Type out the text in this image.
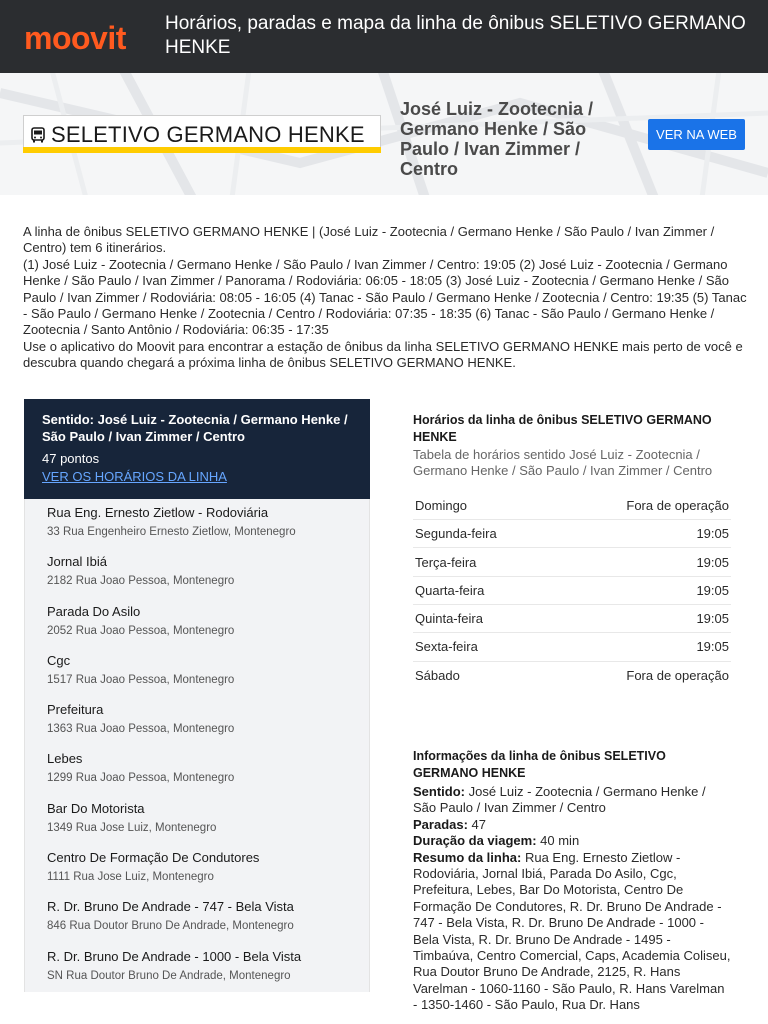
moovit Horários, paradas e mapa da linha de ônibus SELETIVO GERMANO HENKE
SELETIVO GERMANO HENKE
José Luiz - Zootecnia / Germano Henke / São Paulo / Ivan Zimmer / Centro
VER NA WEB
A linha de ônibus SELETIVO GERMANO HENKE | (José Luiz - Zootecnia / Germano Henke / São Paulo / Ivan Zimmer / Centro) tem 6 itinerários.
(1) José Luiz - Zootecnia / Germano Henke / São Paulo / Ivan Zimmer / Centro: 19:05 (2) José Luiz - Zootecnia / Germano Henke / São Paulo / Ivan Zimmer / Panorama / Rodoviária: 06:05 - 18:05 (3) José Luiz - Zootecnia / Germano Henke / São Paulo / Ivan Zimmer / Rodoviária: 08:05 - 16:05 (4) Tanac - São Paulo / Germano Henke / Zootecnia / Centro: 19:35 (5) Tanac - São Paulo / Germano Henke / Zootecnia / Centro / Rodoviária: 07:35 - 18:35 (6) Tanac - São Paulo / Germano Henke / Zootecnia / Santo Antônio / Rodoviária: 06:35 - 17:35
Use o aplicativo do Moovit para encontrar a estação de ônibus da linha SELETIVO GERMANO HENKE mais perto de você e descubra quando chegará a próxima linha de ônibus SELETIVO GERMANO HENKE.
Sentido: José Luiz - Zootecnia / Germano Henke / São Paulo / Ivan Zimmer / Centro
47 pontos
VER OS HORÁRIOS DA LINHA
Rua Eng. Ernesto Zietlow - Rodoviária
33 Rua Engenheiro Ernesto Zietlow, Montenegro
Jornal Ibiá
2182 Rua Joao Pessoa, Montenegro
Parada Do Asilo
2052 Rua Joao Pessoa, Montenegro
Cgc
1517 Rua Joao Pessoa, Montenegro
Prefeitura
1363 Rua Joao Pessoa, Montenegro
Lebes
1299 Rua Joao Pessoa, Montenegro
Bar Do Motorista
1349 Rua Jose Luiz, Montenegro
Centro De Formação De Condutores
1111 Rua Jose Luiz, Montenegro
R. Dr. Bruno De Andrade - 747 - Bela Vista
846 Rua Doutor Bruno De Andrade, Montenegro
R. Dr. Bruno De Andrade - 1000 - Bela Vista
SN Rua Doutor Bruno De Andrade, Montenegro
Horários da linha de ônibus SELETIVO GERMANO HENKE
Tabela de horários sentido José Luiz - Zootecnia / Germano Henke / São Paulo / Ivan Zimmer / Centro
Domingo	Fora de operação
Segunda-feira	19:05
Terça-feira	19:05
Quarta-feira	19:05
Quinta-feira	19:05
Sexta-feira	19:05
Sábado	Fora de operação
Informações da linha de ônibus SELETIVO GERMANO HENKE
Sentido: José Luiz - Zootecnia / Germano Henke / São Paulo / Ivan Zimmer / Centro
Paradas: 47
Duração da viagem: 40 min
Resumo da linha: Rua Eng. Ernesto Zietlow - Rodoviária, Jornal Ibiá, Parada Do Asilo, Cgc, Prefeitura, Lebes, Bar Do Motorista, Centro De Formação De Condutores, R. Dr. Bruno De Andrade - 747 - Bela Vista, R. Dr. Bruno De Andrade - 1000 - Bela Vista, R. Dr. Bruno De Andrade - 1495 - Timbaúva, Centro Comercial, Caps, Academia Coliseu, Rua Doutor Bruno De Andrade, 2125, R. Hans Varelman - 1060-1160 - São Paulo, R. Hans Varelman - 1350-1460 - São Paulo, Rua Dr. Hans
